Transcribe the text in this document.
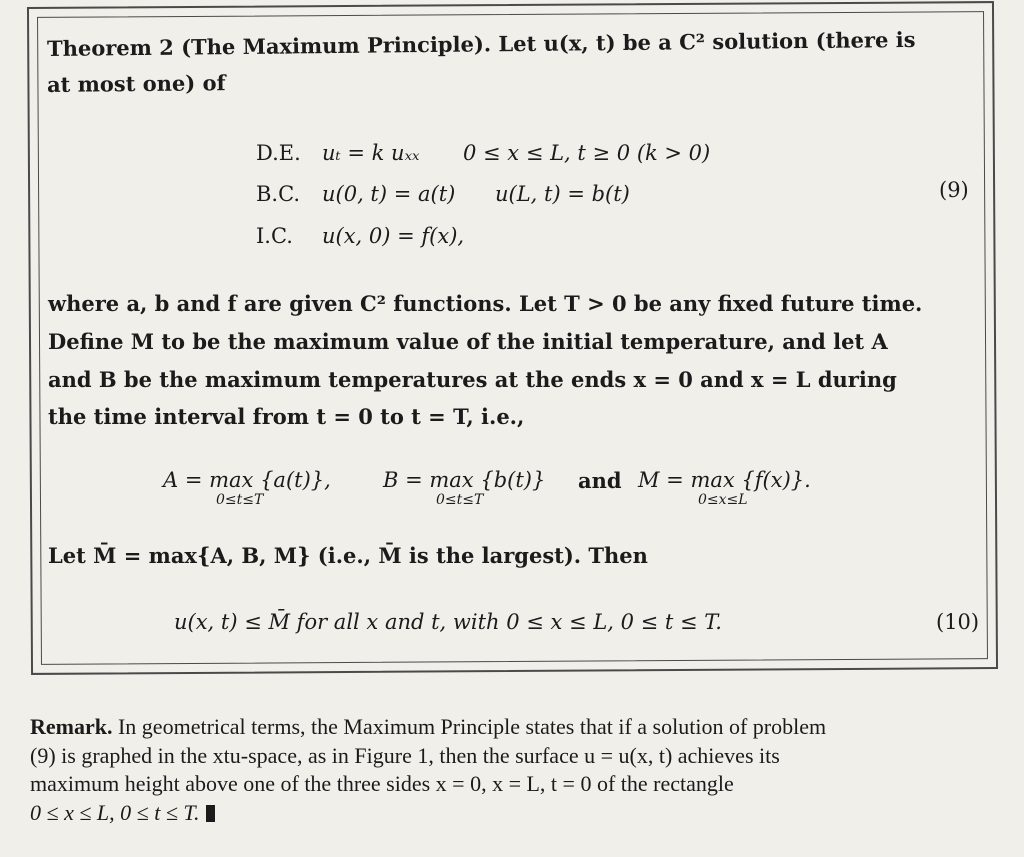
Theorem 2 (The Maximum Principle). Let u(x, t) be a C² solution (there is
at most one) of
D.E. uₜ = k uₓₓ 0 ≤ x ≤ L, t ≥ 0 (k > 0)
B.C. u(0, t) = a(t) u(L, t) = b(t)
I.C. u(x, 0) = f(x),
(9)
where a, b and f are given C² functions. Let T > 0 be any fixed future time.
Define M to be the maximum value of the initial temperature, and let A
and B be the maximum temperatures at the ends x = 0 and x = L during
the time interval from t = 0 to t = T, i.e.,
A = max {a(t)},
0≤t≤T
B = max {b(t)}
0≤t≤T
and M = max {f(x)}.
0≤x≤L
Let M̄ = max{A, B, M} (i.e., M̄ is the largest). Then
u(x, t) ≤ M̄ for all x and t, with 0 ≤ x ≤ L, 0 ≤ t ≤ T.	(10)
Remark. In geometrical terms, the Maximum Principle states that if a solution of problem
(9) is graphed in the xtu-space, as in Figure 1, then the surface u = u(x, t) achieves its
maximum height above one of the three sides x = 0, x = L, t = 0 of the rectangle
0 ≤ x ≤ L, 0 ≤ t ≤ T.
